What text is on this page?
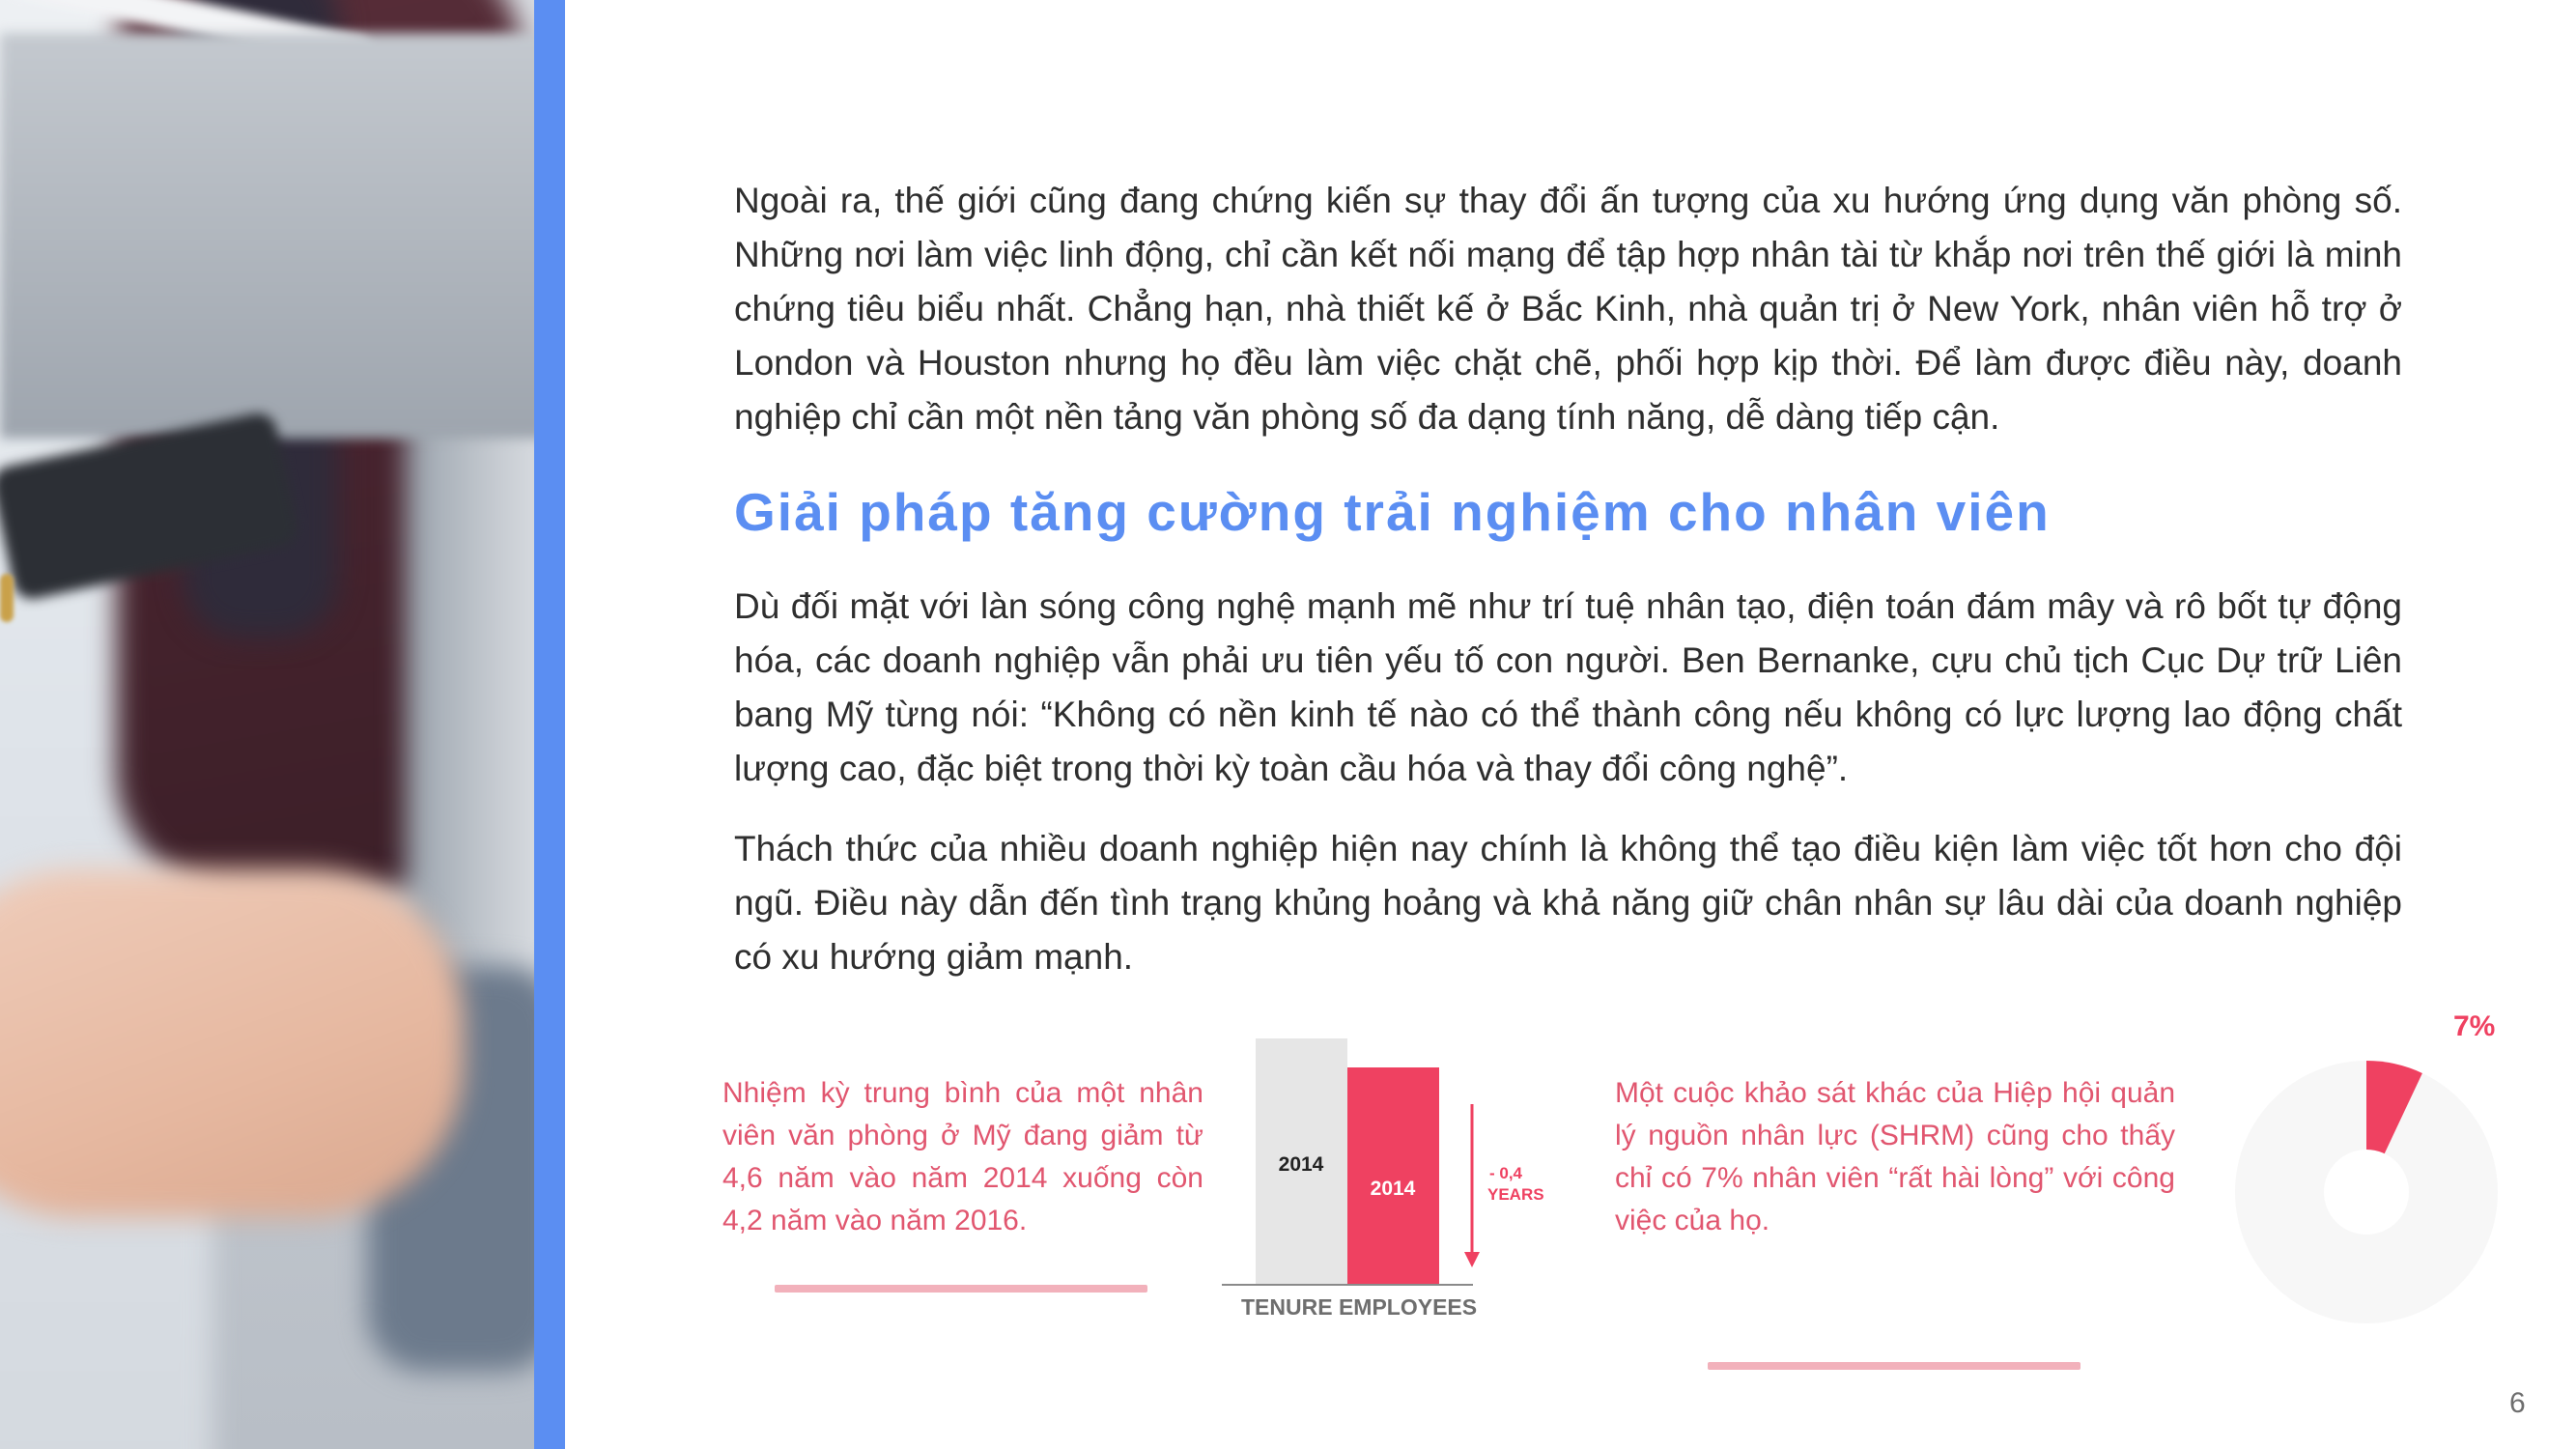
Ngoài ra, thế giới cũng đang chứng kiến sự thay đổi ấn tượng của xu hướng ứng dụng văn phòng số. Những nơi làm việc linh động, chỉ cần kết nối mạng để tập hợp nhân tài từ khắp nơi trên thế giới là minh chứng tiêu biểu nhất. Chẳng hạn, nhà thiết kế ở Bắc Kinh, nhà quản trị ở New York, nhân viên hỗ trợ ở London và Houston nhưng họ đều làm việc chặt chẽ, phối hợp kịp thời. Để làm được điều này, doanh nghiệp chỉ cần một nền tảng văn phòng số đa dạng tính năng, dễ dàng tiếp cận.

Giải pháp tăng cường trải nghiệm cho nhân viên

Dù đối mặt với làn sóng công nghệ mạnh mẽ như trí tuệ nhân tạo, điện toán đám mây và rô bốt tự động hóa, các doanh nghiệp vẫn phải ưu tiên yếu tố con người. Ben Bernanke, cựu chủ tịch Cục Dự trữ Liên bang Mỹ từng nói: “Không có nền kinh tế nào có thể thành công nếu không có lực lượng lao động chất lượng cao, đặc biệt trong thời kỳ toàn cầu hóa và thay đổi công nghệ”.

Thách thức của nhiều doanh nghiệp hiện nay chính là không thể tạo điều kiện làm việc tốt hơn cho đội ngũ. Điều này dẫn đến tình trạng khủng hoảng và khả năng giữ chân nhân sự lâu dài của doanh nghiệp có xu hướng giảm mạnh.

Nhiệm kỳ trung bình của một nhân viên văn phòng ở Mỹ đang giảm từ 4,6 năm vào năm 2014 xuống còn 4,2 năm vào năm 2016.

2014
2014
- 0,4
YEARS

TENURE EMPLOYEES

Một cuộc khảo sát khác của Hiệp hội quản lý nguồn nhân lực (SHRM) cũng cho thấy chỉ có 7% nhân viên “rất hài lòng” với công việc của họ.

7%

6
